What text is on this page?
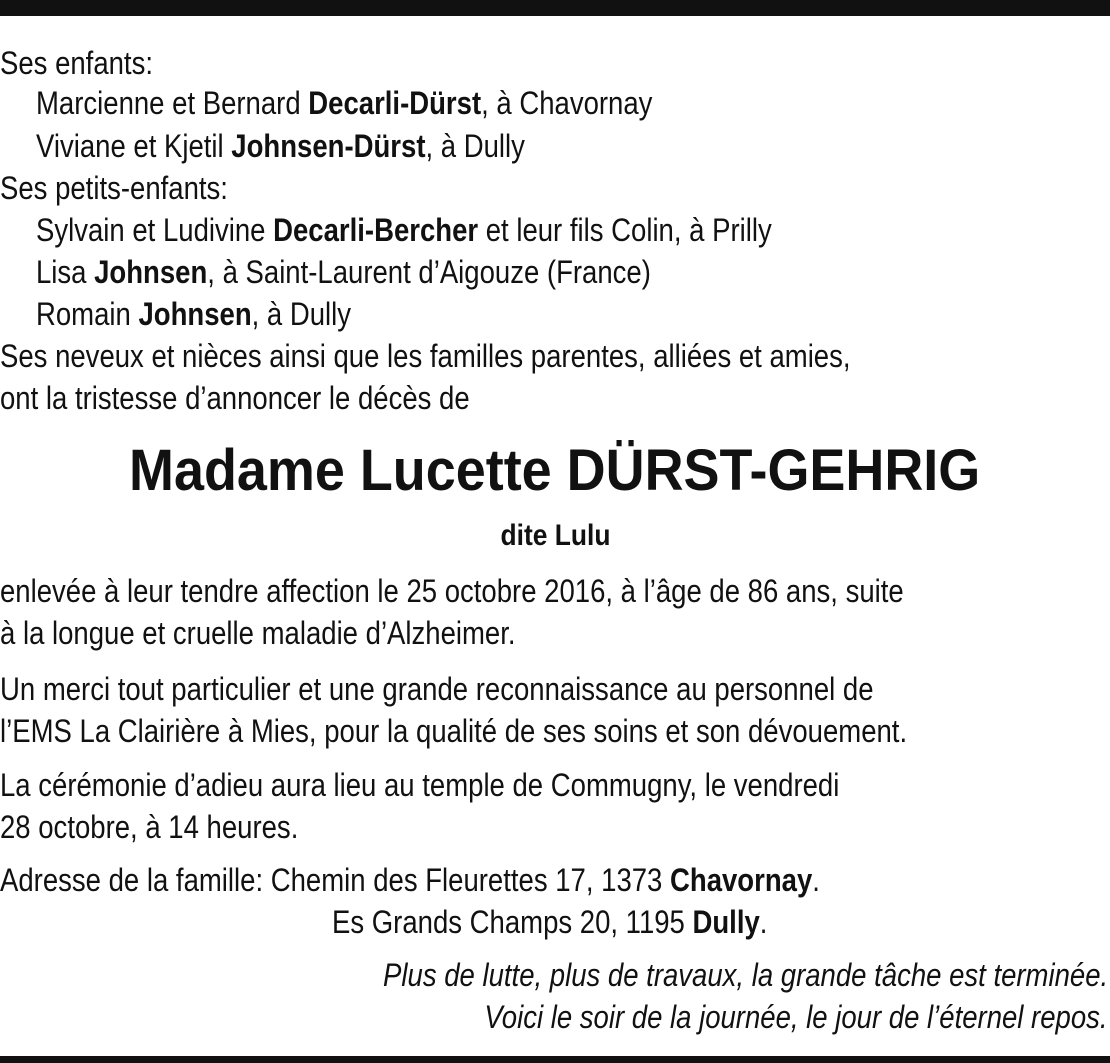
Ses enfants:
Marcienne et Bernard Decarli-Dürst, à Chavornay
Viviane et Kjetil Johnsen-Dürst, à Dully
Ses petits-enfants:
Sylvain et Ludivine Decarli-Bercher et leur fils Colin, à Prilly
Lisa Johnsen, à Saint-Laurent d’Aigouze (France)
Romain Johnsen, à Dully
Ses neveux et nièces ainsi que les familles parentes, alliées et amies,
ont la tristesse d’annoncer le décès de
Madame Lucette DÜRST-GEHRIG
dite Lulu
enlevée à leur tendre affection le 25 octobre 2016, à l’âge de 86 ans, suite
à la longue et cruelle maladie d’Alzheimer.
Un merci tout particulier et une grande reconnaissance au personnel de
l’EMS La Clairière à Mies, pour la qualité de ses soins et son dévouement.
La cérémonie d’adieu aura lieu au temple de Commugny, le vendredi
28 octobre, à 14 heures.
Adresse de la famille: Chemin des Fleurettes 17, 1373 Chavornay.
Es Grands Champs 20, 1195 Dully.
Plus de lutte, plus de travaux, la grande tâche est terminée.
Voici le soir de la journée, le jour de l’éternel repos.
